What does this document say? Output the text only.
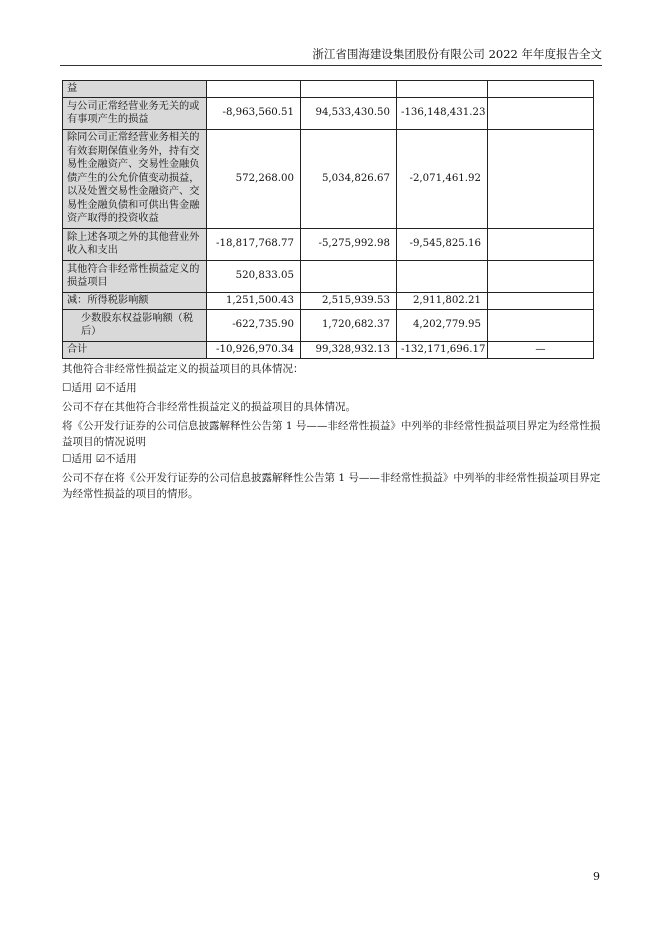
浙江省围海建设集团股份有限公司 2022 年年度报告全文
益				
与公司正常经营业务无关的或有事项产生的损益	-8,963,560.51	94,533,430.50	-136,148,431.23	
除同公司正常经营业务相关的有效套期保值业务外，持有交易性金融资产、交易性金融负债产生的公允价值变动损益，以及处置交易性金融资产、交易性金融负债和可供出售金融资产取得的投资收益	572,268.00	5,034,826.67	-2,071,461.92	
除上述各项之外的其他营业外收入和支出	-18,817,768.77	-5,275,992.98	-9,545,825.16	
其他符合非经常性损益定义的损益项目	520,833.05			
减：所得税影响额	1,251,500.43	2,515,939.53	2,911,802.21	
少数股东权益影响额（税后）	-622,735.90	1,720,682.37	4,202,779.95	
合计	-10,926,970.34	99,328,932.13	-132,171,696.17	—

其他符合非经常性损益定义的损益项目的具体情况：

☐适用 ☑不适用

公司不存在其他符合非经常性损益定义的损益项目的具体情况。

将《公开发行证券的公司信息披露解释性公告第 1 号——非经常性损益》中列举的非经常性损益项目界定为经常性损益项目的情况说明

☐适用 ☑不适用

公司不存在将《公开发行证券的公司信息披露解释性公告第 1 号——非经常性损益》中列举的非经常性损益项目界定为经常性损益的项目的情形。

9
